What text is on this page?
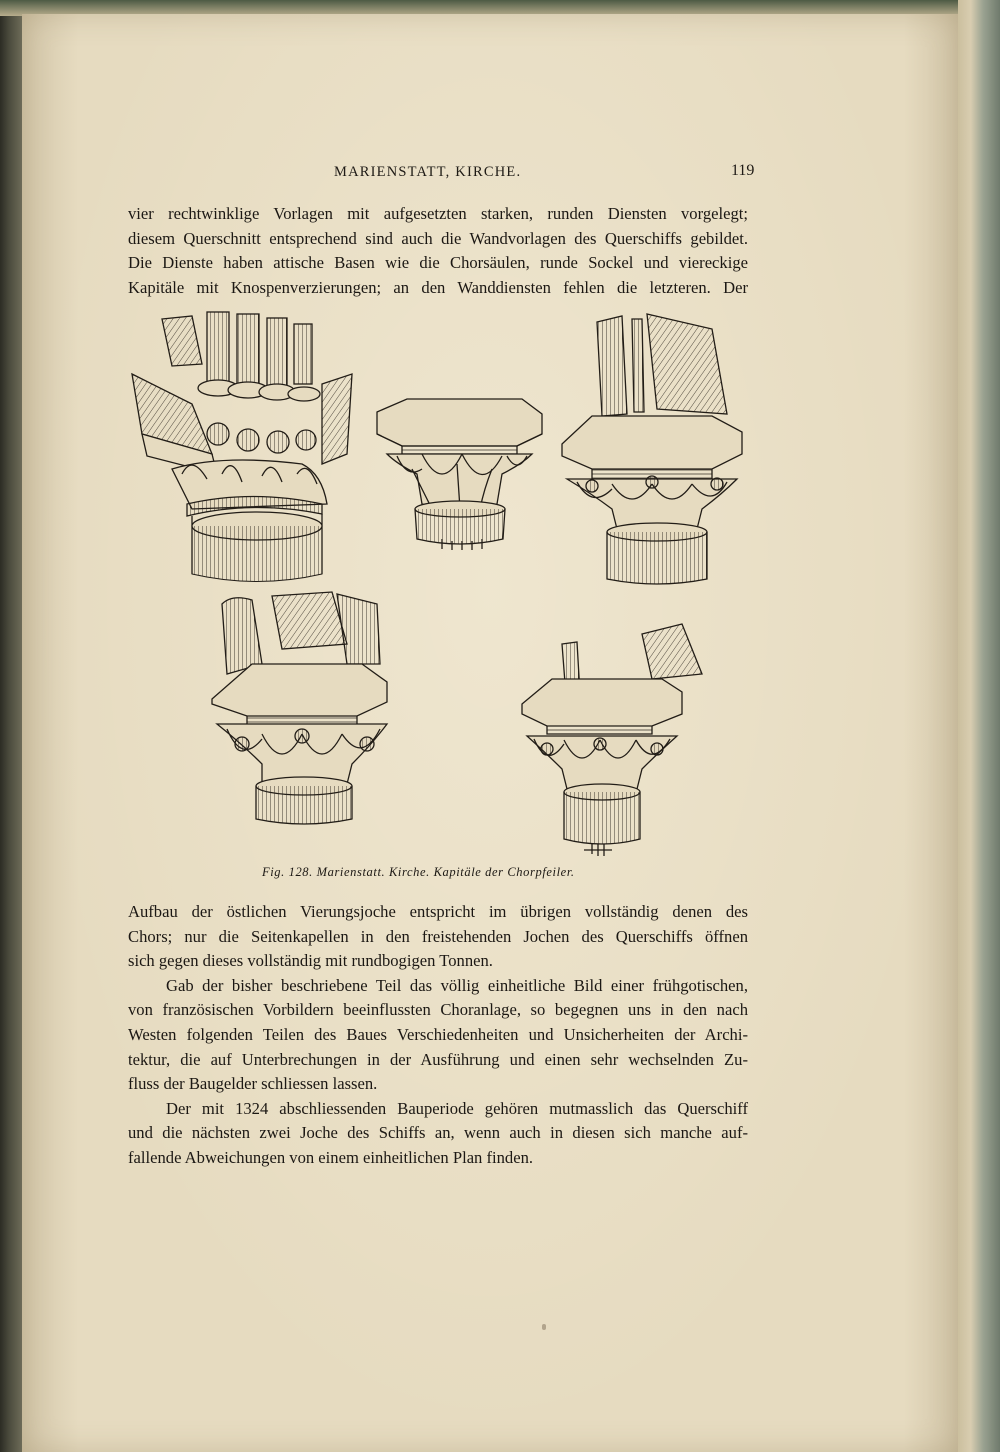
MARIENSTATT, KIRCHE.	119
vier rechtwinklige Vorlagen mit aufgesetzten starken, runden Diensten vorgelegt;
diesem Querschnitt entsprechend sind auch die Wandvorlagen des Querschiffs gebildet.
Die Dienste haben attische Basen wie die Chorsäulen, runde Sockel und viereckige
Kapitäle mit Knospenverzierungen; an den Wanddiensten fehlen die letzteren. Der
Fig. 128. Marienstatt. Kirche. Kapitäle der Chorpfeiler.
Aufbau der östlichen Vierungsjoche entspricht im übrigen vollständig denen des
Chors; nur die Seitenkapellen in den freistehenden Jochen des Querschiffs öffnen
sich gegen dieses vollständig mit rundbogigen Tonnen.
Gab der bisher beschriebene Teil das völlig einheitliche Bild einer frühgotischen,
von französischen Vorbildern beeinflussten Choranlage, so begegnen uns in den nach
Westen folgenden Teilen des Baues Verschiedenheiten und Unsicherheiten der Archi-
tektur, die auf Unterbrechungen in der Ausführung und einen sehr wechselnden Zu-
fluss der Baugelder schliessen lassen.
Der mit 1324 abschliessenden Bauperiode gehören mutmasslich das Querschiff
und die nächsten zwei Joche des Schiffs an, wenn auch in diesen sich manche auf-
fallende Abweichungen von einem einheitlichen Plan finden.
